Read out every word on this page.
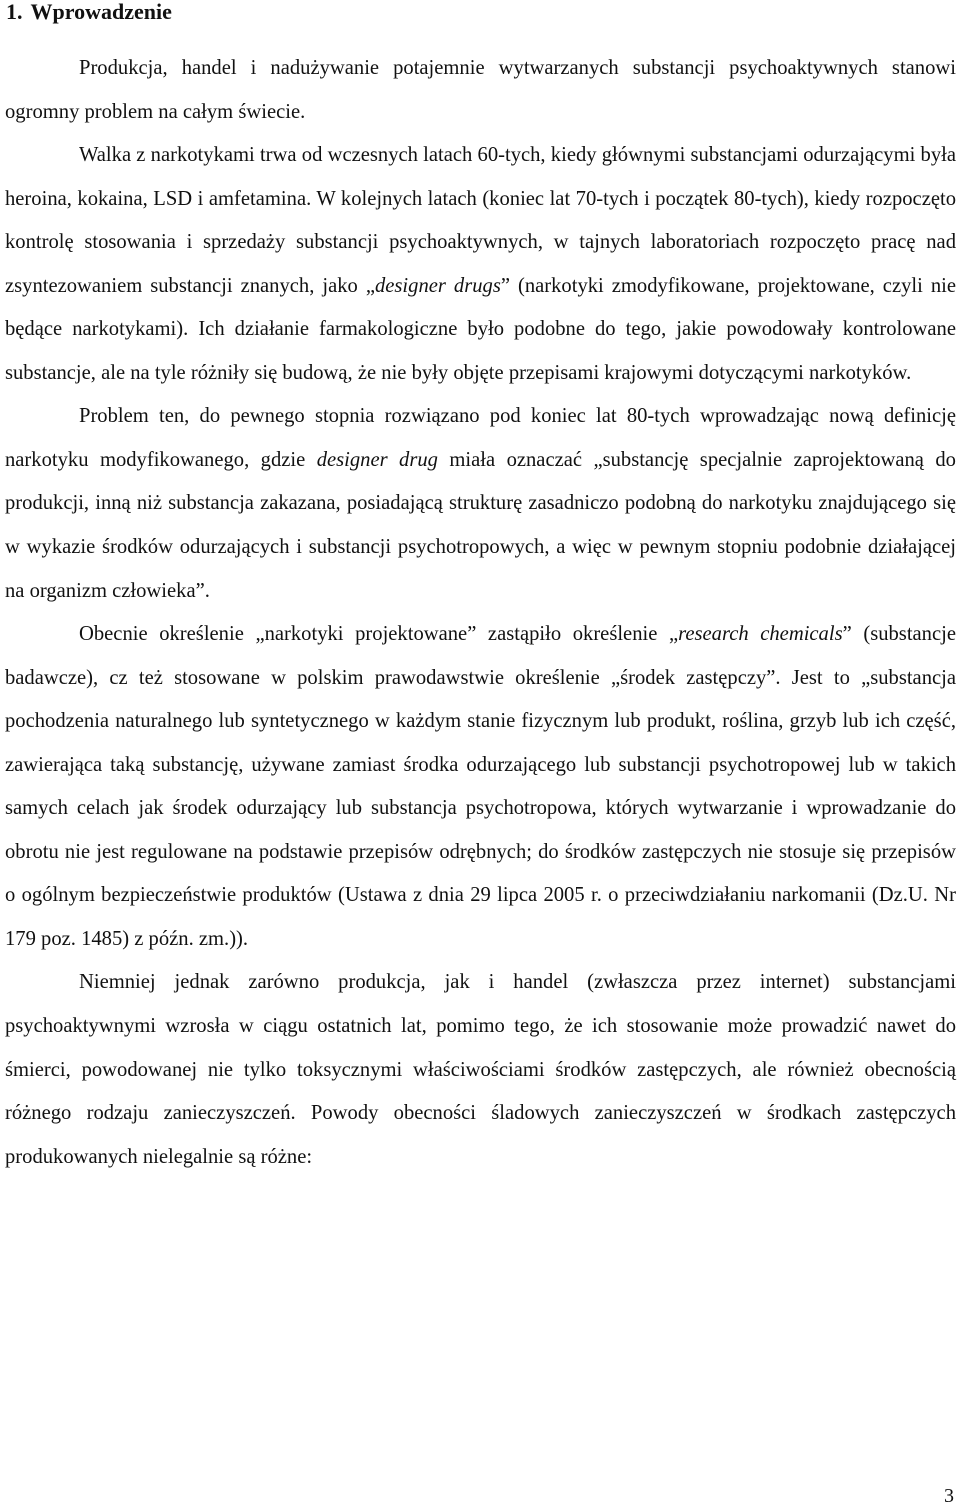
1. Wprowadzenie

Produkcja, handel i nadużywanie potajemnie wytwarzanych substancji psychoaktywnych stanowi ogromny problem na całym świecie.

Walka z narkotykami trwa od wczesnych latach 60-tych, kiedy głównymi substancjami odurzającymi była heroina, kokaina, LSD i amfetamina. W kolejnych latach (koniec lat 70-tych i początek 80-tych), kiedy rozpoczęto kontrolę stosowania i sprzedaży substancji psychoaktywnych, w tajnych laboratoriach rozpoczęto pracę nad zsyntezowaniem substancji znanych, jako „designer drugs” (narkotyki zmodyfikowane, projektowane, czyli nie będące narkotykami). Ich działanie farmakologiczne było podobne do tego, jakie powodowały kontrolowane substancje, ale na tyle różniły się budową, że nie były objęte przepisami krajowymi dotyczącymi narkotyków.

Problem ten, do pewnego stopnia rozwiązano pod koniec lat 80-tych wprowadzając nową definicję narkotyku modyfikowanego, gdzie designer drug miała oznaczać „substancję specjalnie zaprojektowaną do produkcji, inną niż substancja zakazana, posiadającą strukturę zasadniczo podobną do narkotyku znajdującego się w wykazie środków odurzających i substancji psychotropowych, a więc w pewnym stopniu podobnie działającej na organizm człowieka”.

Obecnie określenie „narkotyki projektowane” zastąpiło określenie „research chemicals” (substancje badawcze), cz też stosowane w polskim prawodawstwie określenie „środek zastępczy”. Jest to „substancja pochodzenia naturalnego lub syntetycznego w każdym stanie fizycznym lub produkt, roślina, grzyb lub ich część, zawierająca taką substancję, używane zamiast środka odurzającego lub substancji psychotropowej lub w takich samych celach jak środek odurzający lub substancja psychotropowa, których wytwarzanie i wprowadzanie do obrotu nie jest regulowane na podstawie przepisów odrębnych; do środków zastępczych nie stosuje się przepisów o ogólnym bezpieczeństwie produktów (Ustawa z dnia 29 lipca 2005 r. o przeciwdziałaniu narkomanii (Dz.U. Nr 179 poz. 1485) z późn. zm.)).

Niemniej jednak zarówno produkcja, jak i handel (zwłaszcza przez internet) substancjami psychoaktywnymi wzrosła w ciągu ostatnich lat, pomimo tego, że ich stosowanie może prowadzić nawet do śmierci, powodowanej nie tylko toksycznymi właściwościami środków zastępczych, ale również obecnością różnego rodzaju zanieczyszczeń. Powody obecności śladowych zanieczyszczeń w środkach zastępczych produkowanych nielegalnie są różne:

3
